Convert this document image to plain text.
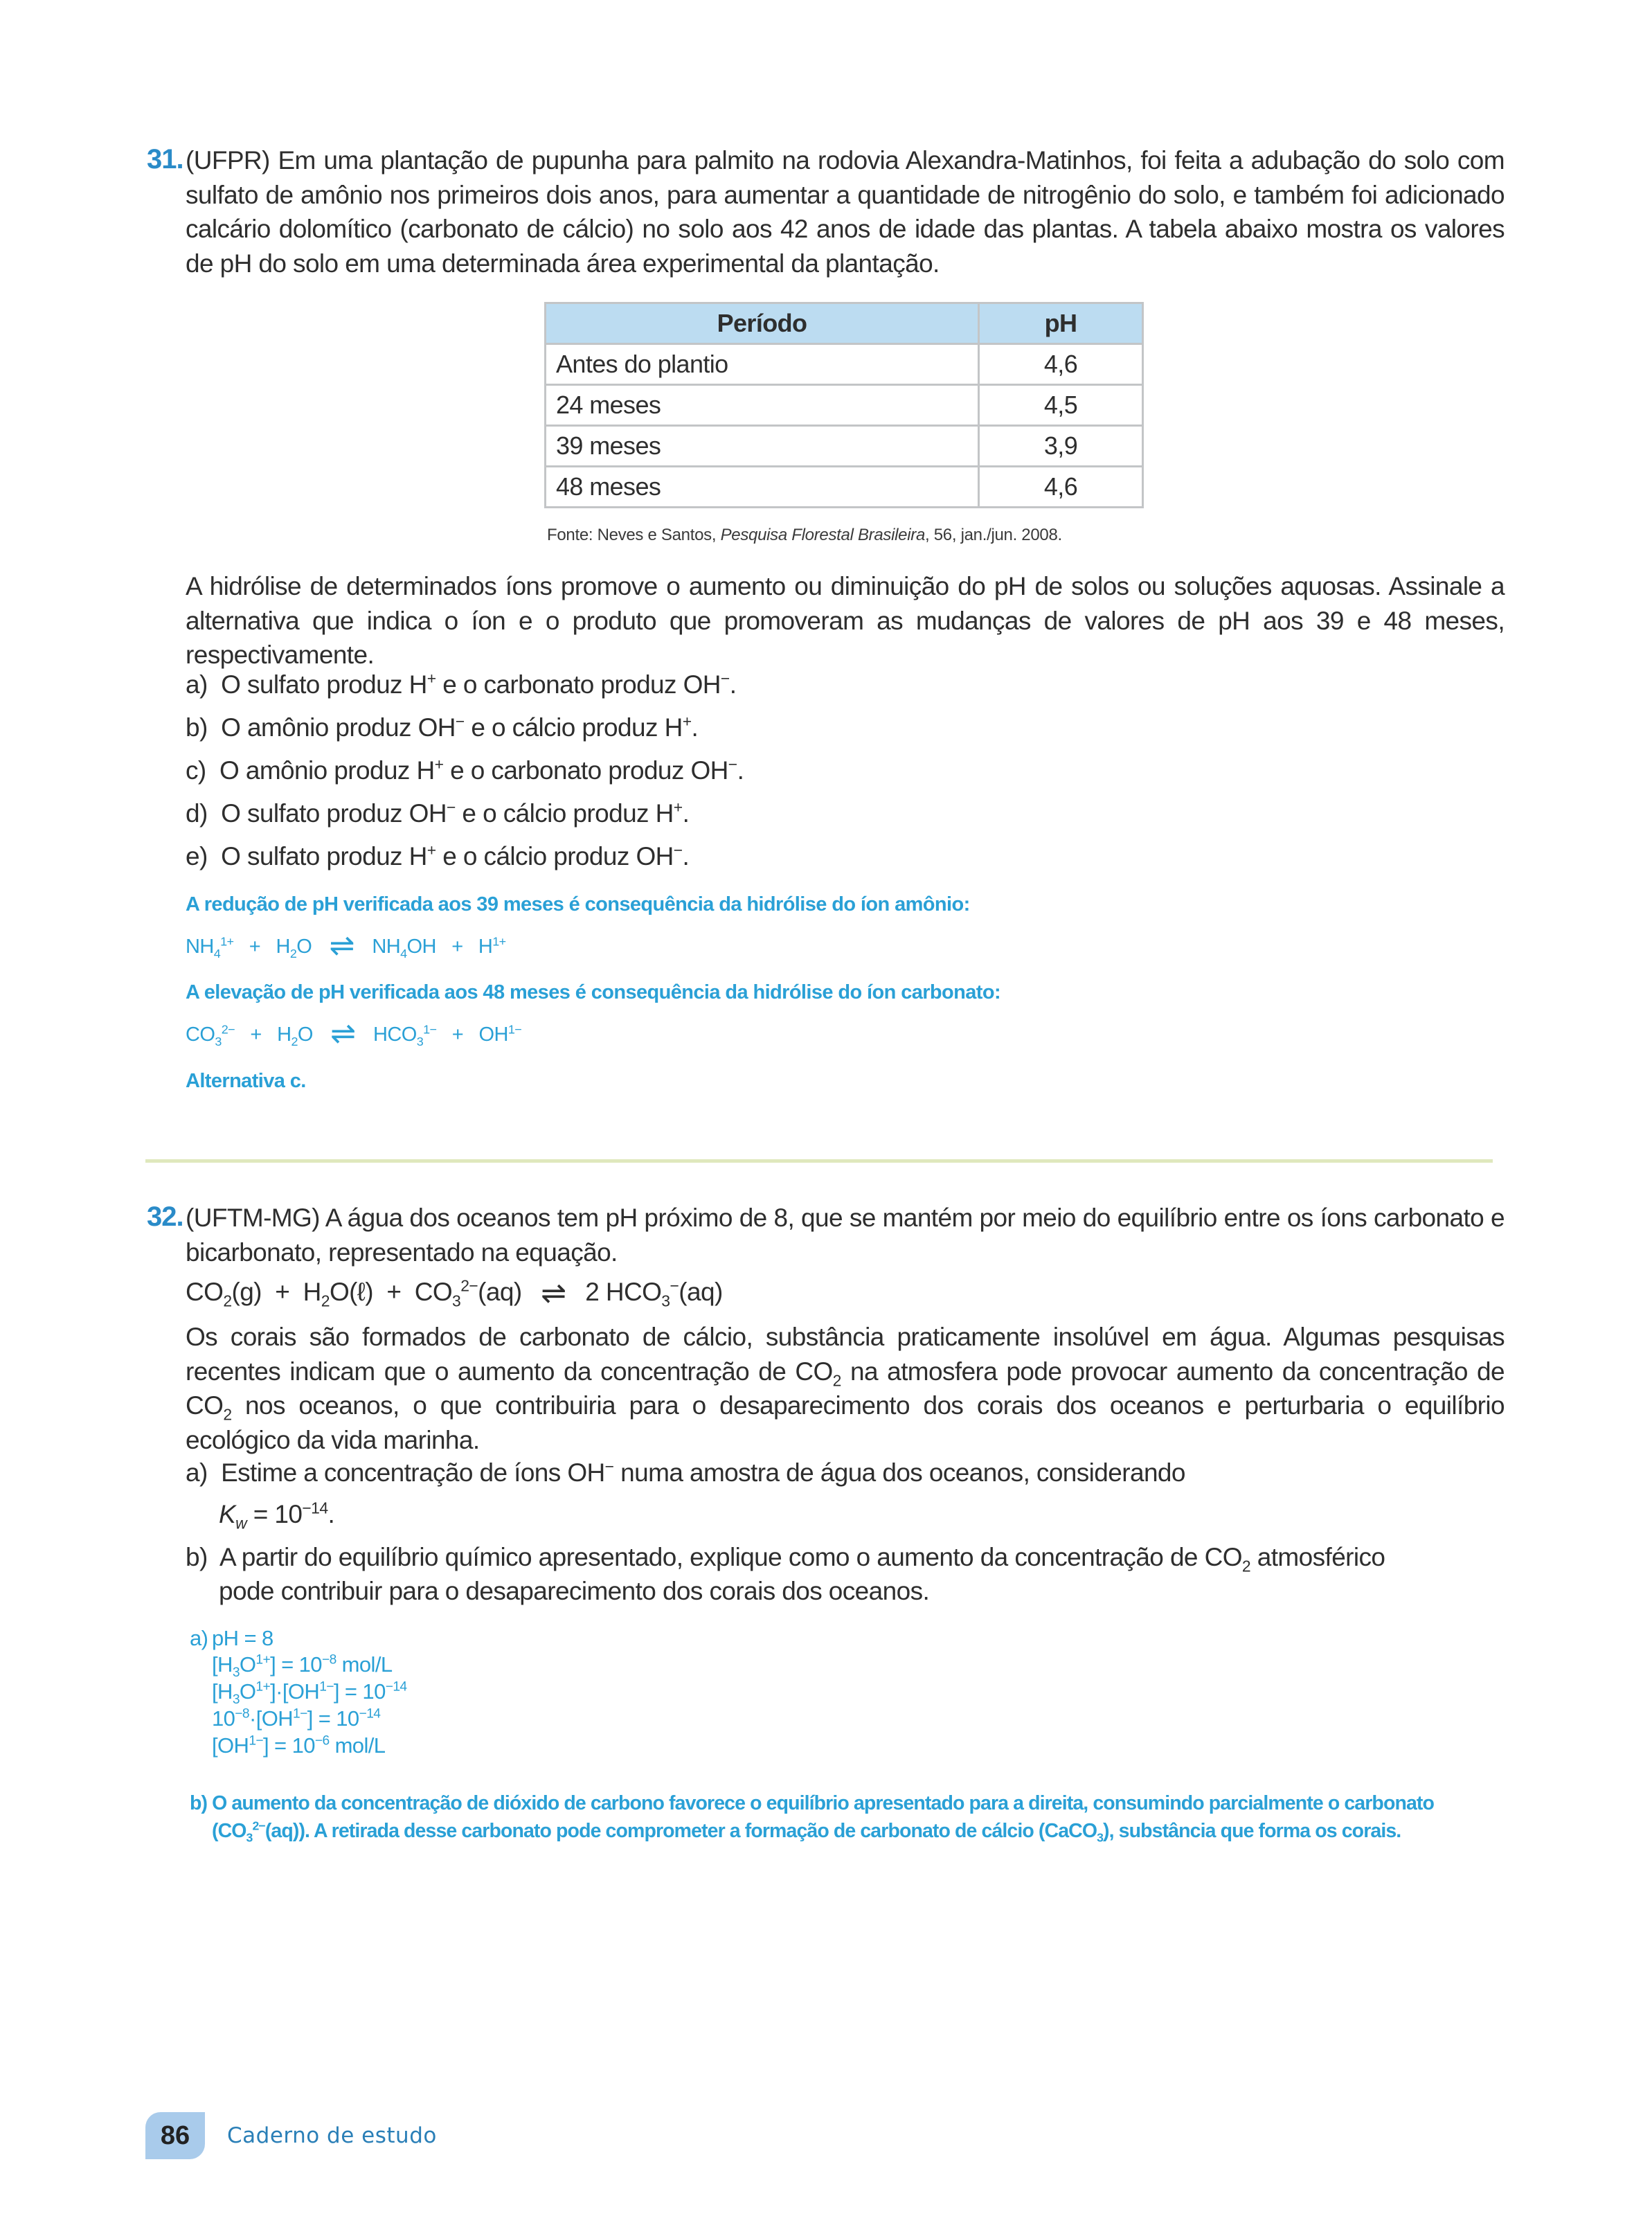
31. (UFPR) Em uma plantação de pupunha para palmito na rodovia Alexandra-Matinhos, foi feita a adubação do solo com sulfato de amônio nos primeiros dois anos, para aumentar a quantidade de nitrogênio do solo, e também foi adicionado calcário dolomítico (carbonato de cálcio) no solo aos 42 anos de idade das plantas. A tabela abaixo mostra os valores de pH do solo em uma determinada área experimental da plantação.
Período	pH
Antes do plantio	4,6
24 meses	4,5
39 meses	3,9
48 meses	4,6
Fonte: Neves e Santos, Pesquisa Florestal Brasileira, 56, jan./jun. 2008.
A hidrólise de determinados íons promove o aumento ou diminuição do pH de solos ou soluções aquosas. Assinale a alternativa que indica o íon e o produto que promoveram as mudanças de valores de pH aos 39 e 48 meses, respectivamente.
a) O sulfato produz H+ e o carbonato produz OH−.
b) O amônio produz OH− e o cálcio produz H+.
c) O amônio produz H+ e o carbonato produz OH−.
d) O sulfato produz OH− e o cálcio produz H+.
e) O sulfato produz H+ e o cálcio produz OH−.
A redução de pH verificada aos 39 meses é consequência da hidrólise do íon amônio:
$NH_4^{1+} + H_2O$ ⇌ $NH_4OH + H^{1+}$
A elevação de pH verificada aos 48 meses é consequência da hidrólise do íon carbonato:
$CO_3^{2-} + H_2O$ ⇌ $HCO_3^{1-} + OH^{1-}$
Alternativa c.
32. (UFTM-MG) A água dos oceanos tem pH próximo de 8, que se mantém por meio do equilíbrio entre os íons carbonato e bicarbonato, representado na equação.
$CO_2(g)$ + $H_2O(\ell) + CO_3^{2-}(aq)$ ⇌ 2 $HCO_3^-(aq)$
Os corais são formados de carbonato de cálcio, substância praticamente insolúvel em água. Algumas pesquisas recentes indicam que o aumento da concentração de $CO_2$ na atmosfera pode provocar aumento da concentração de $CO_2$ nos oceanos, o que contribuiria para o desaparecimento dos corais dos oceanos e perturbaria o equilíbrio ecológico da vida marinha.
a) Estime a concentração de íons OH− numa amostra de água dos oceanos, considerando
$K_w = 10^{-14}$.
b) A partir do equilíbrio químico apresentado, explique como o aumento da concentração de $CO_2$ atmosférico
pode contribuir para o desaparecimento dos corais dos oceanos.
a) pH = 8
$[H_3O^{1+}] = 10^{-8}$ mol/L
$[H_3O^{1+}]\cdot[OH^{1-}] = 10^{-14}$
$10^{-8}\cdot[OH^{1-}] = 10^{-14}$
$[OH^{1-}] = 10^{-6}$ mol/L
b) O aumento da concentração de dióxido de carbono favorece o equilíbrio apresentado para a direita, consumindo parcialmente o carbonato
$(CO_3^{2-}(aq))$. A retirada desse carbonato pode comprometer a formação de carbonato de cálcio (CaCO$_3$), substância que forma os corais.
86 Caderno de estudo
